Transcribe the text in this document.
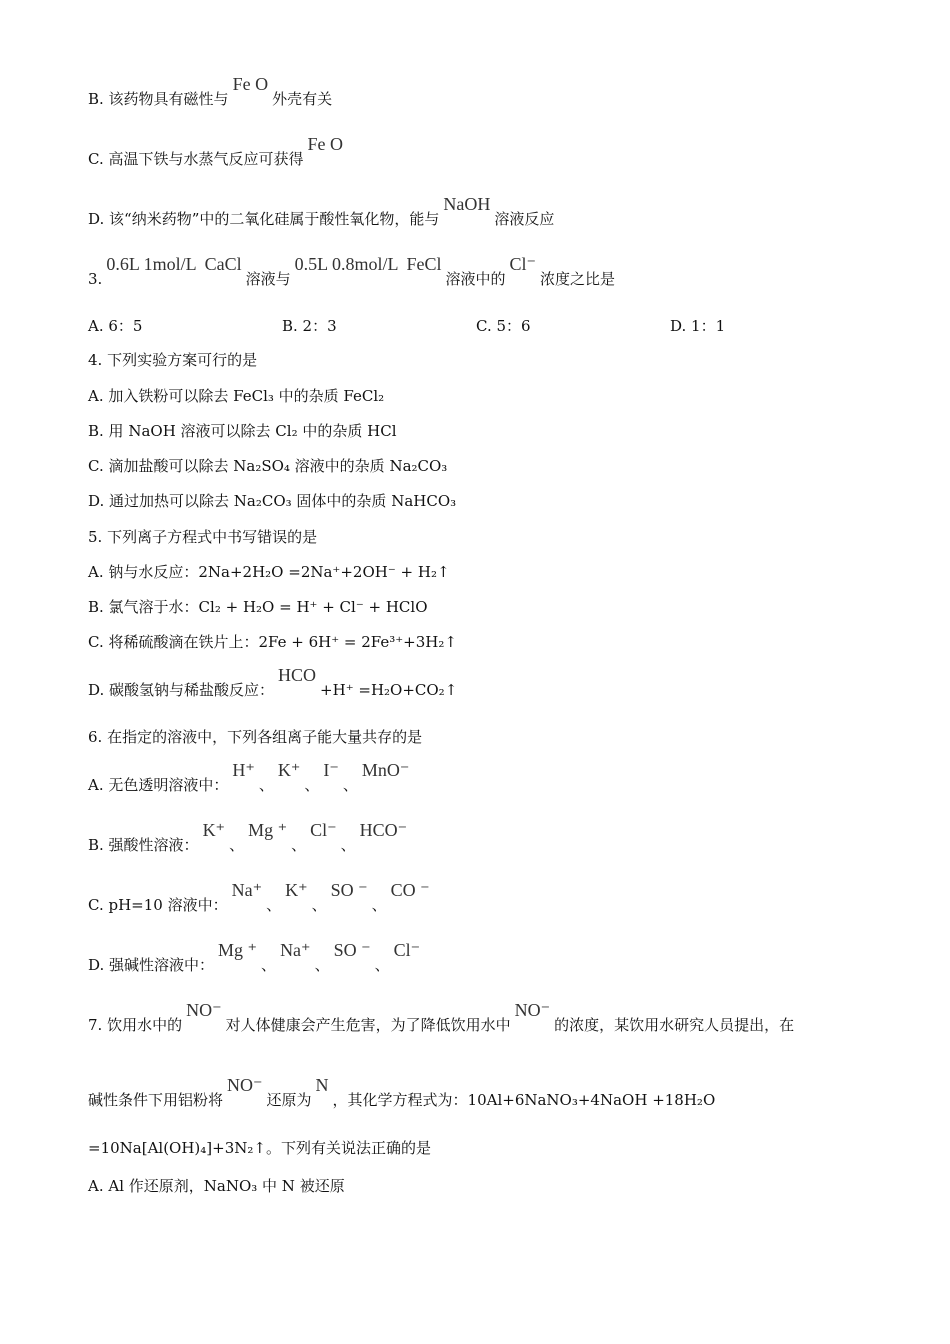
B. 该药物具有磁性与Fe O外壳有关
C. 高温下铁与水蒸气反应可获得Fe O
D. 该“纳米药物”中的二氧化硅属于酸性氧化物，能与NaOH溶液反应
3.0.6L 1mol/L CaCl溶液与0.5L 0.8mol/L FeCl溶液中的Cl⁻浓度之比是
4. 下列实验方案可行的是
A. 加入铁粉可以除去 FeCl₃ 中的杂质 FeCl₂
B. 用 NaOH 溶液可以除去 Cl₂ 中的杂质 HCl
C. 滴加盐酸可以除去 Na₂SO₄ 溶液中的杂质 Na₂CO₃
D. 通过加热可以除去 Na₂CO₃ 固体中的杂质 NaHCO₃
5. 下列离子方程式中书写错误的是
A. 钠与水反应：2Na+2H₂O =2Na⁺+2OH⁻ + H₂↑
B. 氯气溶于水：Cl₂ + H₂O = H⁺ + Cl⁻ + HClO
C. 将稀硫酸滴在铁片上：2Fe + 6H⁺ = 2Fe³⁺+3H₂↑
D. 碳酸氢钠与稀盐酸反应：HCO+H⁺ =H₂O+CO₂↑
6. 在指定的溶液中，下列各组离子能大量共存的是
A. 无色透明溶液中：H⁺、K⁺、I⁻、MnO⁻
B. 强酸性溶液：K⁺、Mg ⁺、Cl⁻、HCO⁻
C. pH=10 溶液中：Na⁺、K⁺、SO ⁻、CO ⁻
D. 强碱性溶液中：Mg ⁺、Na⁺、SO ⁻、Cl⁻
7. 饮用水中的NO⁻对人体健康会产生危害，为了降低饮用水中NO⁻的浓度，某饮用水研究人员提出，在
碱性条件下用铝粉将NO⁻还原为N，其化学方程式为：10Al+6NaNO₃+4NaOH +18H₂O
=10Na[Al(OH)₄]+3N₂↑。下列有关说法正确的是
A. Al 作还原剂，NaNO₃ 中 N 被还原
A. 6：5	B. 2：3	C. 5：6	D. 1：1
